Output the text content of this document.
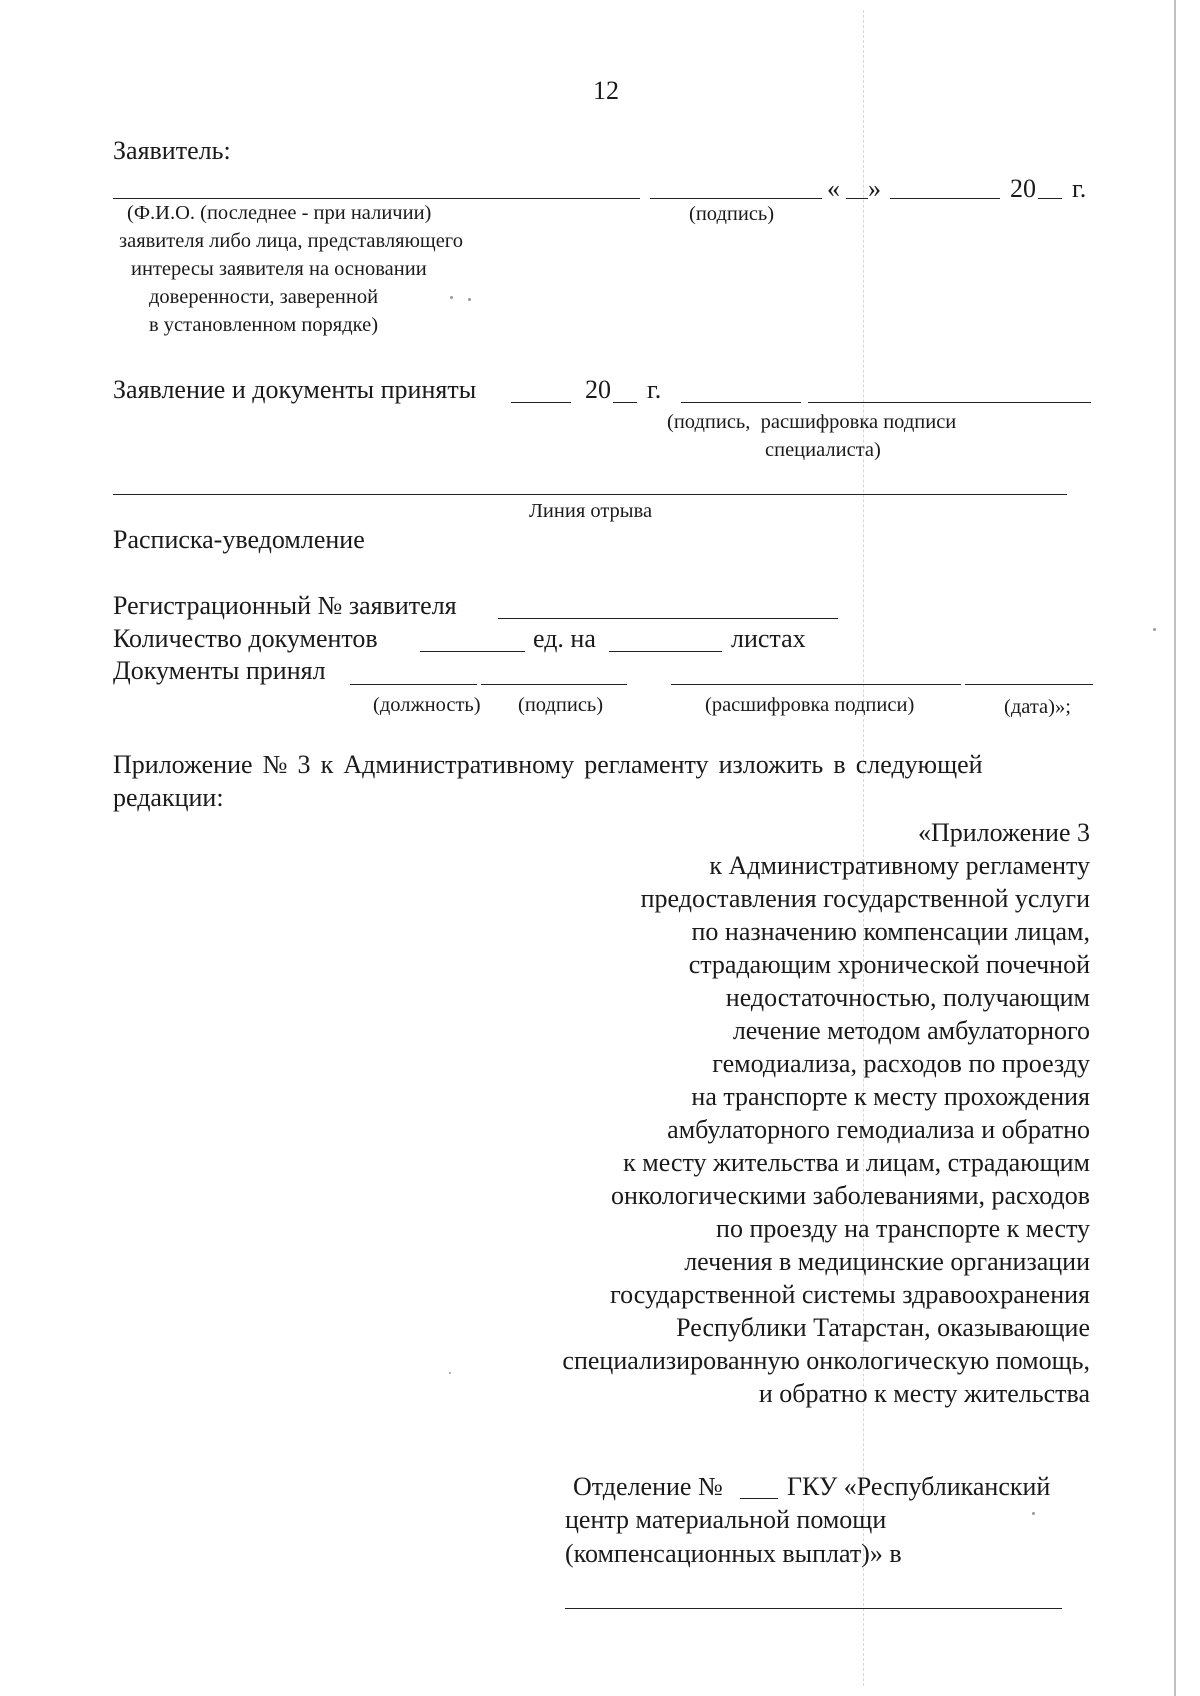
12
Заявитель:
« »	20 г.
(Ф.И.О. (последнее - при наличии)
заявителя либо лица, представляющего
интересы заявителя на основании
доверенности, заверенной
в установленном порядке)
(подпись)
Заявление и документы приняты	20 г.
(подпись,  расшифровка подписи
специалиста)
Линия отрыва
Расписка-уведомление
Регистрационный № заявителя
Количество документов	ед. на	листах
Документы принял
(должность) (подпись)	(расшифровка подписи)	(дата)»;
Приложение № 3 к Административному регламенту изложить в следующей
редакции:
«Приложение 3
к Административному регламенту
предоставления государственной услуги
по назначению компенсации лицам,
страдающим хронической почечной
недостаточностью, получающим
лечение методом амбулаторного
гемодиализа, расходов по проезду
на транспорте к месту прохождения
амбулаторного гемодиализа и обратно
к месту жительства и лицам, страдающим
онкологическими заболеваниями, расходов
по проезду на транспорте к месту
лечения в медицинские организации
государственной системы здравоохранения
Республики Татарстан, оказывающие
специализированную онкологическую помощь,
и обратно к месту жительства
Отделение № ГКУ «Республиканский
центр материальной помощи
(компенсационных выплат)» в
